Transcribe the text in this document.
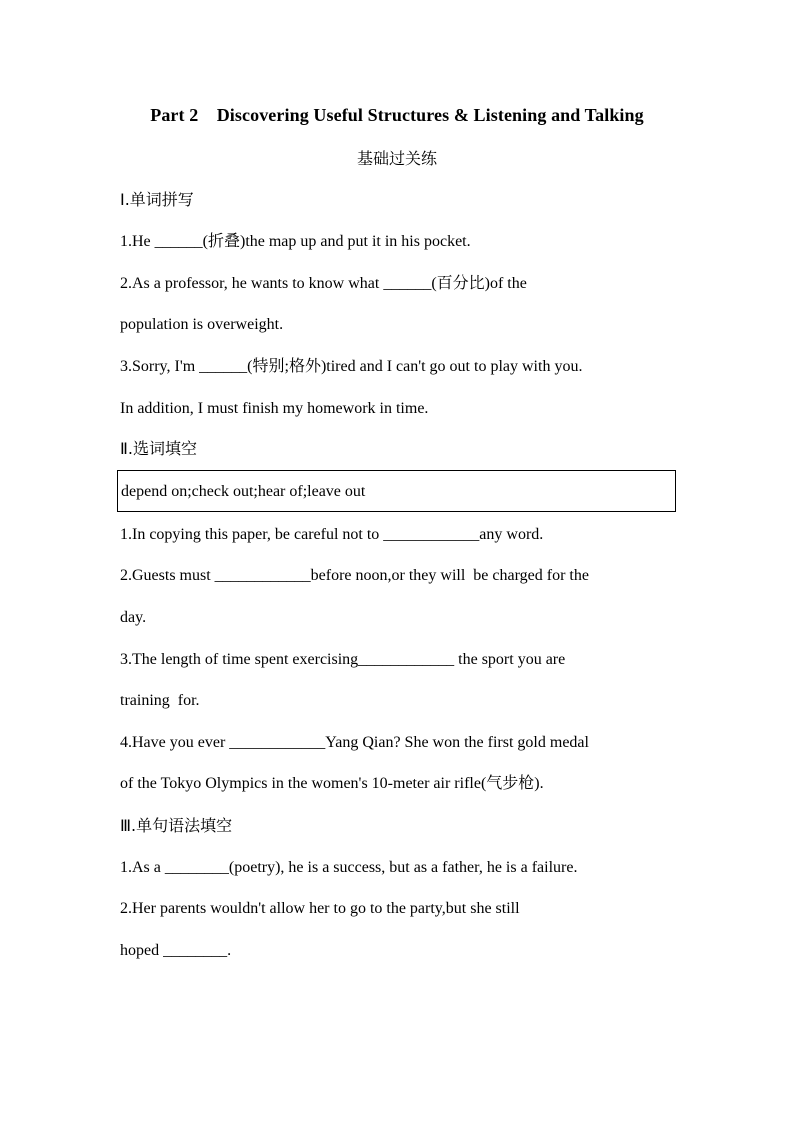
Part 2    Discovering Useful Structures & Listening and Talking
基础过关练
Ⅰ.单词拼写
1.He ______(折叠)the map up and put it in his pocket.
2.As a professor, he wants to know what ______(百分比)of the
population is overweight.
3.Sorry, I'm ______(特别;格外)tired and I can't go out to play with you.
In addition, I must finish my homework in time.
Ⅱ.选词填空
depend on;check out;hear of;leave out
1.In copying this paper, be careful not to ____________any word.
2.Guests must ____________before noon,or they will  be charged for the
day.
3.The length of time spent exercising____________ the sport you are
training  for.
4.Have you ever ____________Yang Qian? She won the first gold medal
of the Tokyo Olympics in the women's 10-meter air rifle(气步枪).
Ⅲ.单句语法填空
1.As a ________(poetry), he is a success, but as a father, he is a failure.
2.Her parents wouldn't allow her to go to the party,but she still
hoped ________.
